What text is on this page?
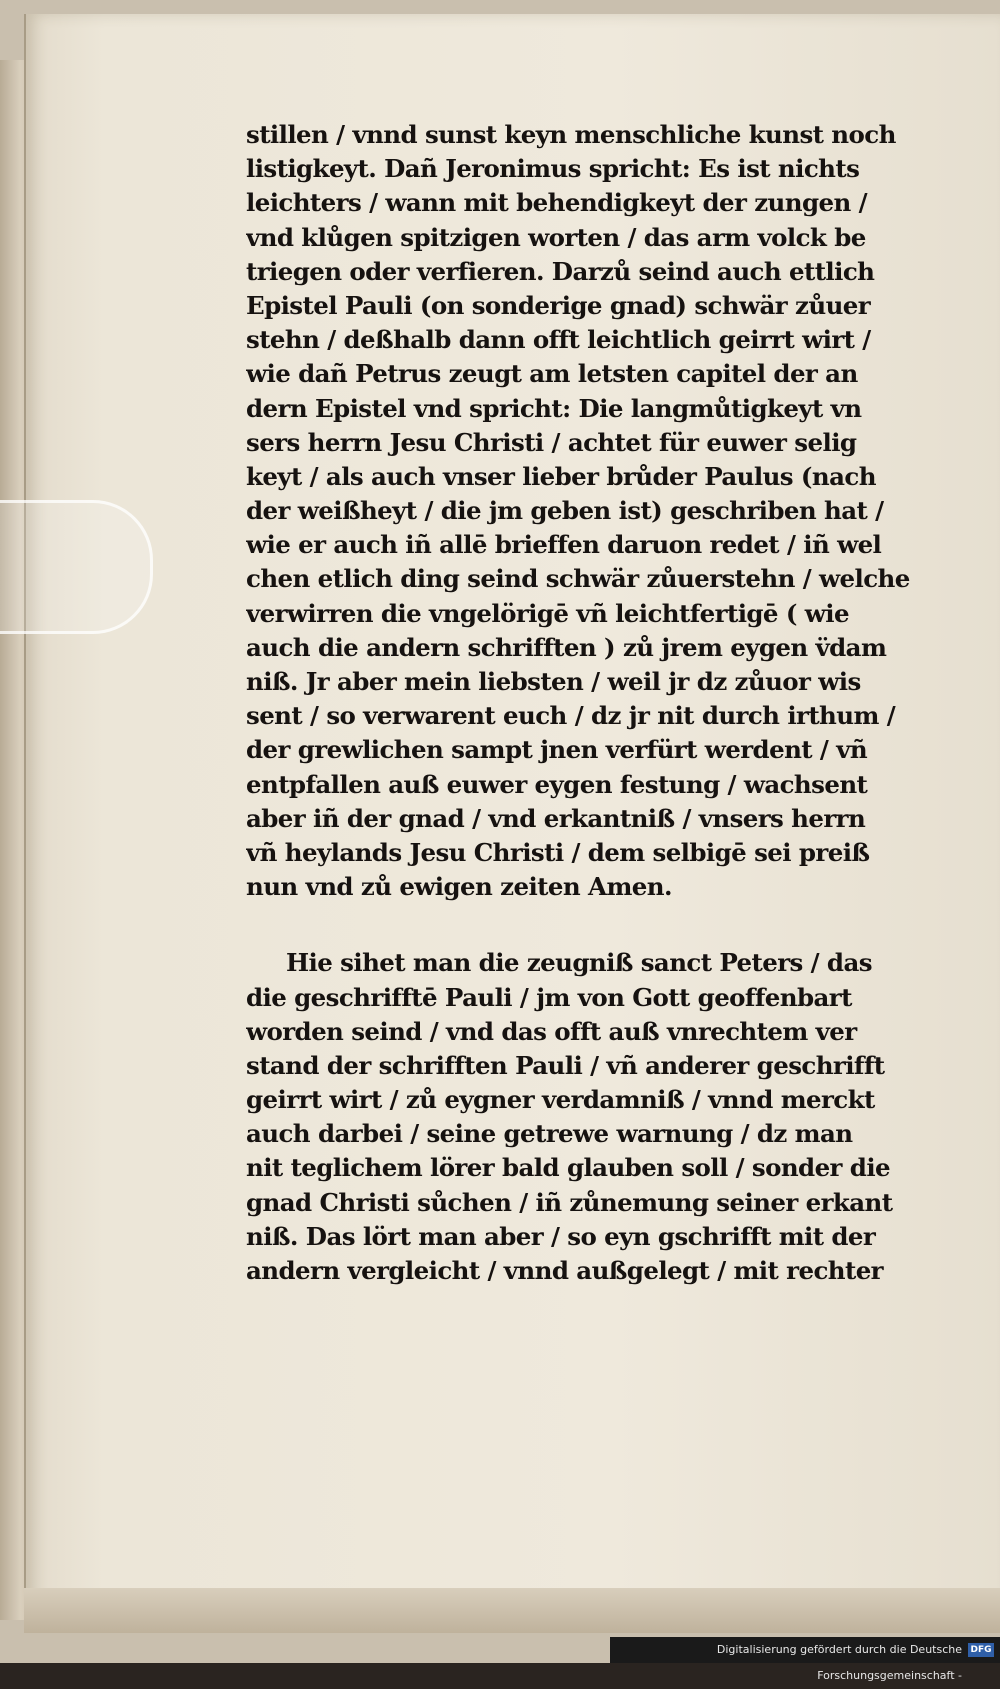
stillen / vnnd sunst keyn menschliche kunst noch
listigkeyt. Dañ Jeronimus spricht: Es ist nichts
leichters / wann mit behendigkeyt der zungen /
vnd klůgen spitzigen worten / das arm volck be
triegen oder verfieren. Darzů seind auch ettlich
Epistel Pauli (on sonderige gnad) schwär zůuer
stehn / deßhalb dann offt leichtlich geirrt wirt /
wie dañ Petrus zeugt am letsten capitel der an
dern Epistel vnd spricht: Die langmůtigkeyt vn
sers herrn Jesu Christi / achtet für euwer selig
keyt / als auch vnser lieber brůder Paulus (nach
der weißheyt / die jm geben ist) geschriben hat /
wie er auch iñ allē brieffen daruon redet / iñ wel
chen etlich ding seind schwär zůuerstehn / welche
verwirren die vngelörigē vñ leichtfertigē ( wie
auch die andern schrifften ) zů jrem eygen v̈dam
niß. Jr aber mein liebsten / weil jr dz zůuor wis
sent / so verwarent euch / dz jr nit durch irthum /
der grewlichen sampt jnen verfürt werdent / vñ
entpfallen auß euwer eygen festung / wachsent
aber iñ der gnad / vnd erkantniß / vnsers herrn
vñ heylands Jesu Christi / dem selbigē sei preiß
nun vnd zů ewigen zeiten Amen.
Hie sihet man die zeugniß sanct Peters / das
die geschrifftē Pauli / jm von Gott geoffenbart
worden seind / vnd das offt auß vnrechtem ver
stand der schrifften Pauli / vñ anderer geschrifft
geirrt wirt / zů eygner verdamniß / vnnd merckt
auch darbei / seine getrewe warnung / dz man
nit teglichem lörer bald glauben soll / sonder die
gnad Christi sůchen / iñ zůnemung seiner erkant
niß. Das lört man aber / so eyn gschrifft mit der
andern vergleicht / vnnd außgelegt / mit rechter
Digitalisierung gefördert durch die Deutsche Forschungsgemeinschaft -
DFG
